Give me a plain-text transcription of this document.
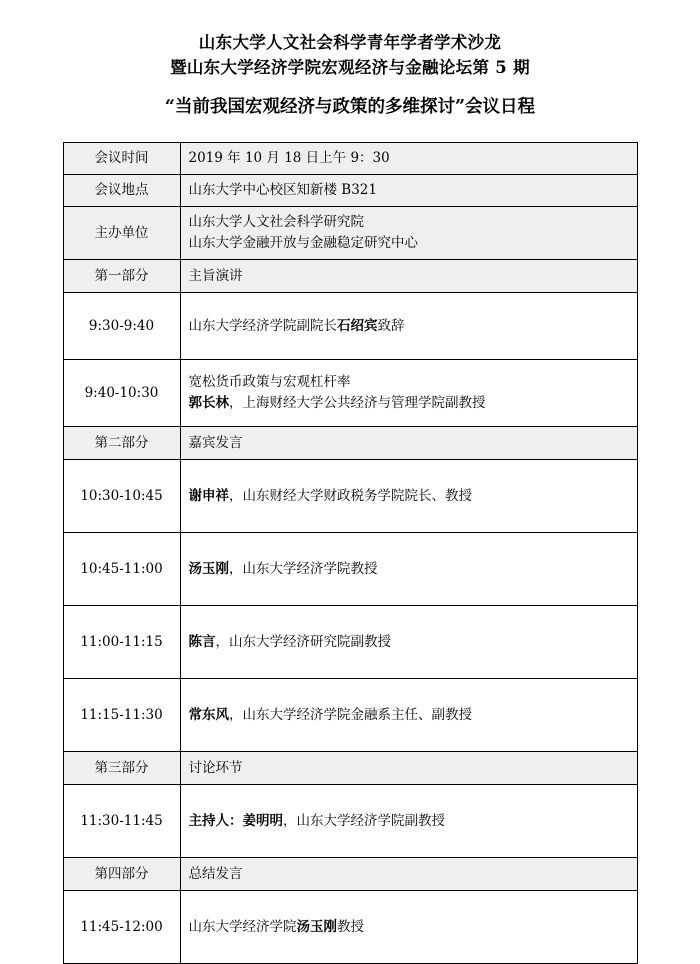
山东大学人文社会科学青年学者学术沙龙
暨山东大学经济学院宏观经济与金融论坛第 5 期
“当前我国宏观经济与政策的多维探讨”会议日程
会议时间	2019 年 10 月 18 日上午 9：30
会议地点	山东大学中心校区知新楼 B321
主办单位	山东大学人文社会科学研究院
山东大学金融开放与金融稳定研究中心

第一部分	主旨演讲
9:30-9:40	山东大学经济学院副院长石绍宾致辞
9:40-10:30	宽松货币政策与宏观杠杆率
郭长林，上海财经大学公共经济与管理学院副教授

第二部分	嘉宾发言
10:30-10:45	谢申祥，山东财经大学财政税务学院院长、教授
10:45-11:00	汤玉刚，山东大学经济学院教授
11:00-11:15	陈言，山东大学经济研究院副教授
11:15-11:30	常东风，山东大学经济学院金融系主任、副教授
第三部分	讨论环节
11:30-11:45	主持人：姜明明，山东大学经济学院副教授
第四部分	总结发言
11:45-12:00	山东大学经济学院汤玉刚教授
